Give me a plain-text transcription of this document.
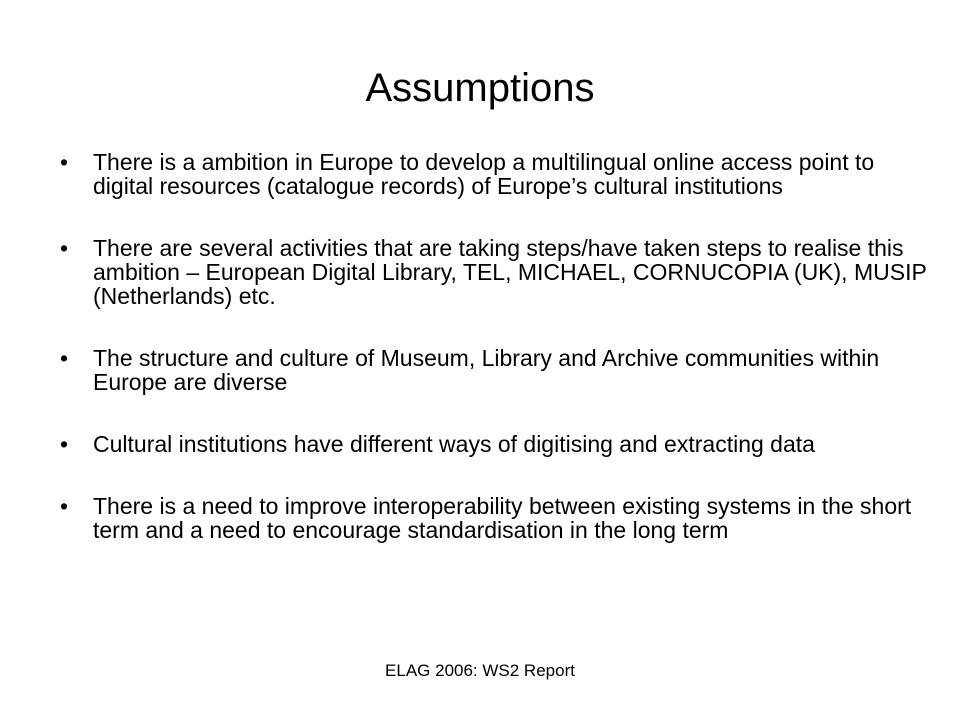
Assumptions
• There is a ambition in Europe to develop a multilingual online access point to digital resources (catalogue records) of Europe’s cultural institutions
• There are several activities that are taking steps/have taken steps to realise this ambition – European Digital Library, TEL, MICHAEL, CORNUCOPIA (UK), MUSIP (Netherlands) etc.
• The structure and culture of Museum, Library and Archive communities within Europe are diverse
• Cultural institutions have different ways of digitising and extracting data
• There is a need to improve interoperability between existing systems in the short term and a need to encourage standardisation in the long term

ELAG 2006: WS2 Report
